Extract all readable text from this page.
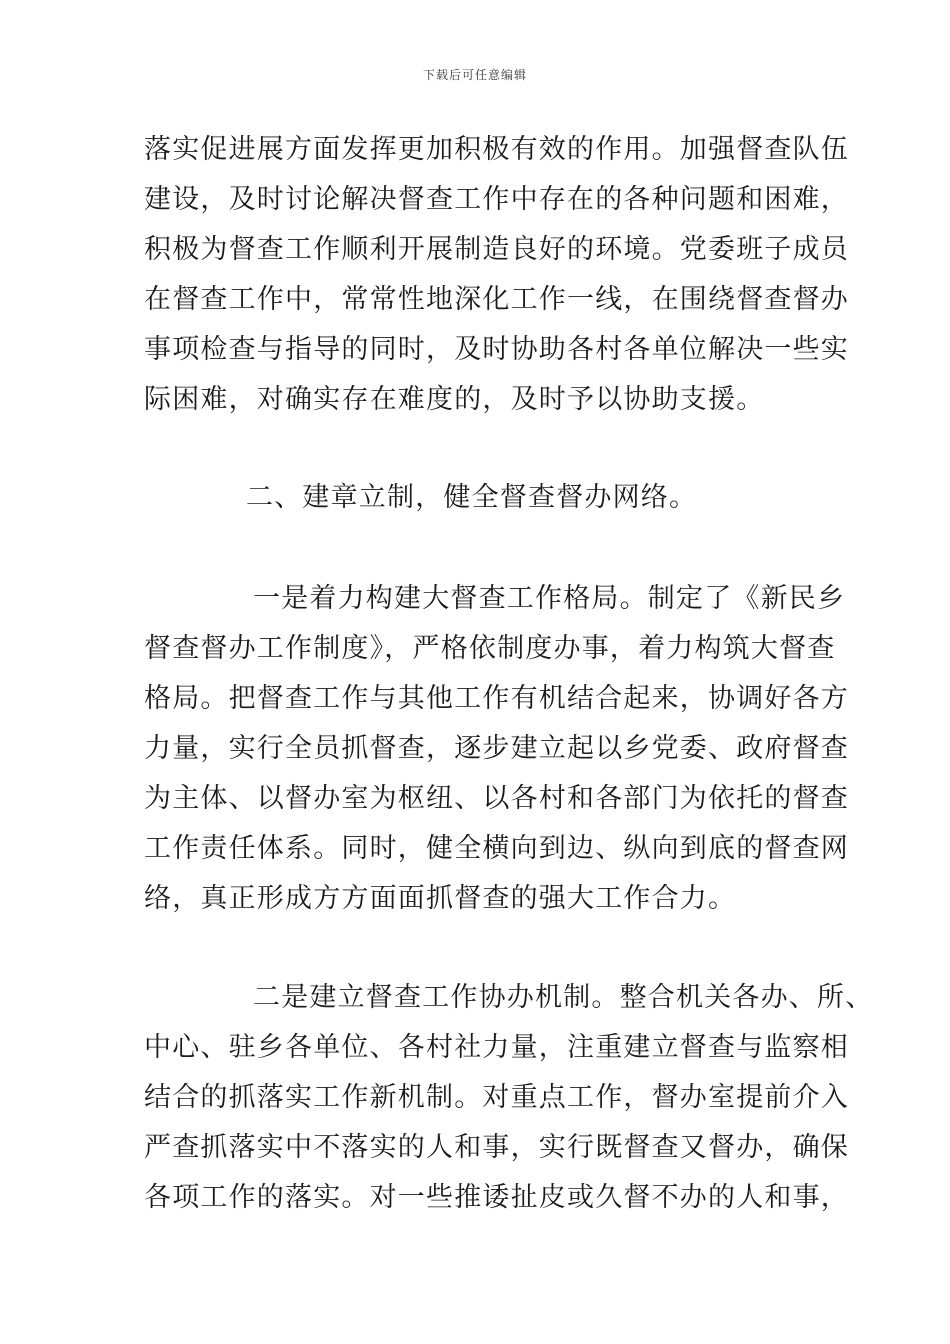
下载后可任意编辑
落实促进展方面发挥更加积极有效的作用。加强督查队伍
建设，及时讨论解决督查工作中存在的各种问题和困难，
积极为督查工作顺利开展制造良好的环境。党委班子成员
在督查工作中，常常性地深化工作一线，在围绕督查督办
事项检查与指导的同时，及时协助各村各单位解决一些实
际困难，对确实存在难度的，及时予以协助支援。
二、建章立制，健全督查督办网络。
一是着力构建大督查工作格局。制定了《新民乡
督查督办工作制度》，严格依制度办事，着力构筑大督查
格局。把督查工作与其他工作有机结合起来，协调好各方
力量，实行全员抓督查，逐步建立起以乡党委、政府督查
为主体、以督办室为枢纽、以各村和各部门为依托的督查
工作责任体系。同时，健全横向到边、纵向到底的督查网
络，真正形成方方面面抓督查的强大工作合力。
二是建立督查工作协办机制。整合机关各办、所、
中心、驻乡各单位、各村社力量，注重建立督查与监察相
结合的抓落实工作新机制。对重点工作，督办室提前介入
严查抓落实中不落实的人和事，实行既督查又督办，确保
各项工作的落实。对一些推诿扯皮或久督不办的人和事，
